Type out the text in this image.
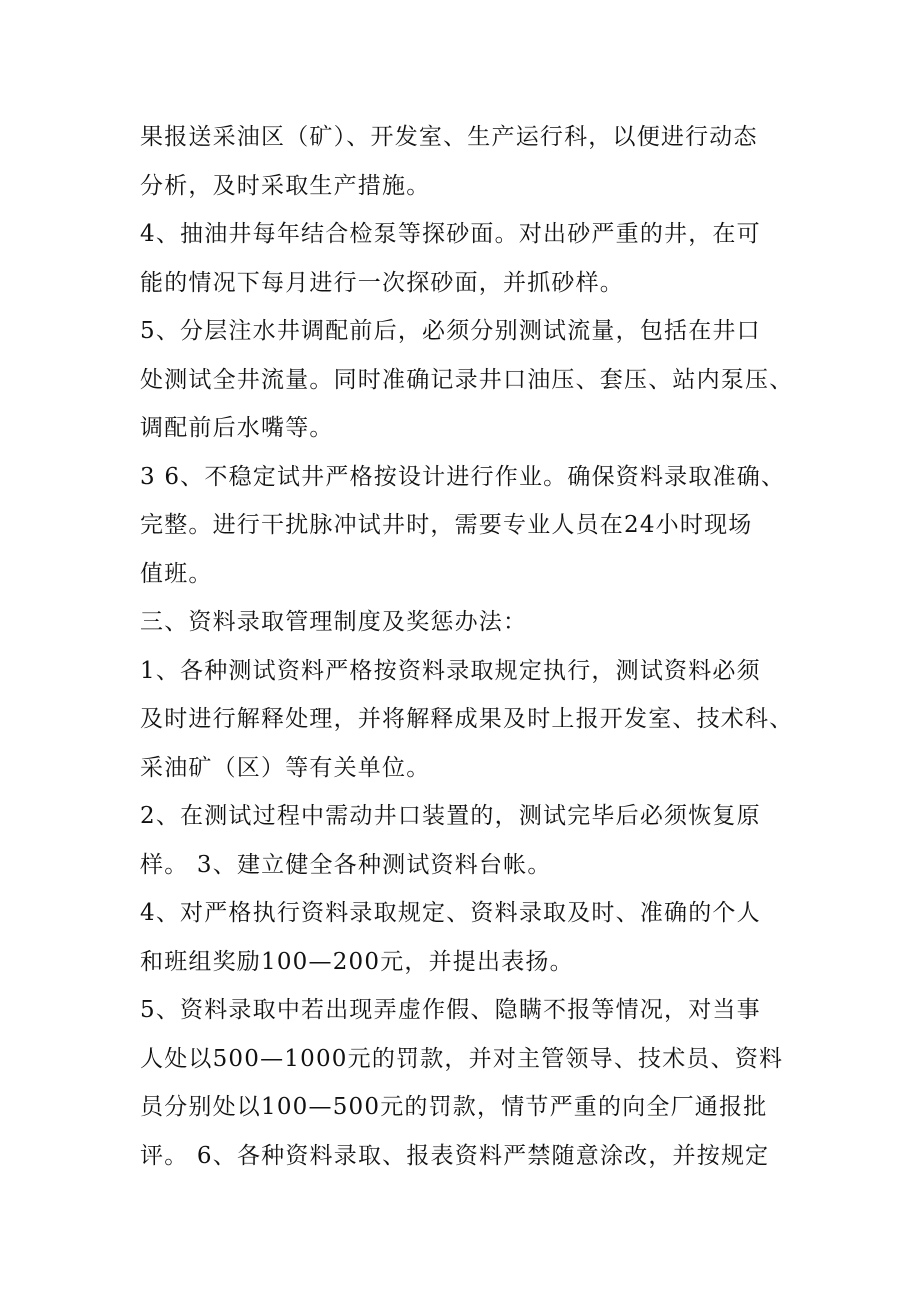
果报送采油区（矿）、开发室、生产运行科，以便进行动态
分析，及时采取生产措施。
4、抽油井每年结合检泵等探砂面。对出砂严重的井，在可
能的情况下每月进行一次探砂面，并抓砂样。
5、分层注水井调配前后，必须分别测试流量，包括在井口
处测试全井流量。同时准确记录井口油压、套压、站内泵压、
调配前后水嘴等。
3 6、不稳定试井严格按设计进行作业。确保资料录取准确、
完整。进行干扰脉冲试井时，需要专业人员在24小时现场
值班。
三、资料录取管理制度及奖惩办法：
1、各种测试资料严格按资料录取规定执行，测试资料必须
及时进行解释处理，并将解释成果及时上报开发室、技术科、
采油矿（区）等有关单位。
2、在测试过程中需动井口装置的，测试完毕后必须恢复原
样。 3、建立健全各种测试资料台帐。
4、对严格执行资料录取规定、资料录取及时、准确的个人
和班组奖励100—200元，并提出表扬。
5、资料录取中若出现弄虚作假、隐瞒不报等情况，对当事
人处以500—1000元的罚款，并对主管领导、技术员、资料
员分别处以100—500元的罚款，情节严重的向全厂通报批
评。 6、各种资料录取、报表资料严禁随意涂改，并按规定
